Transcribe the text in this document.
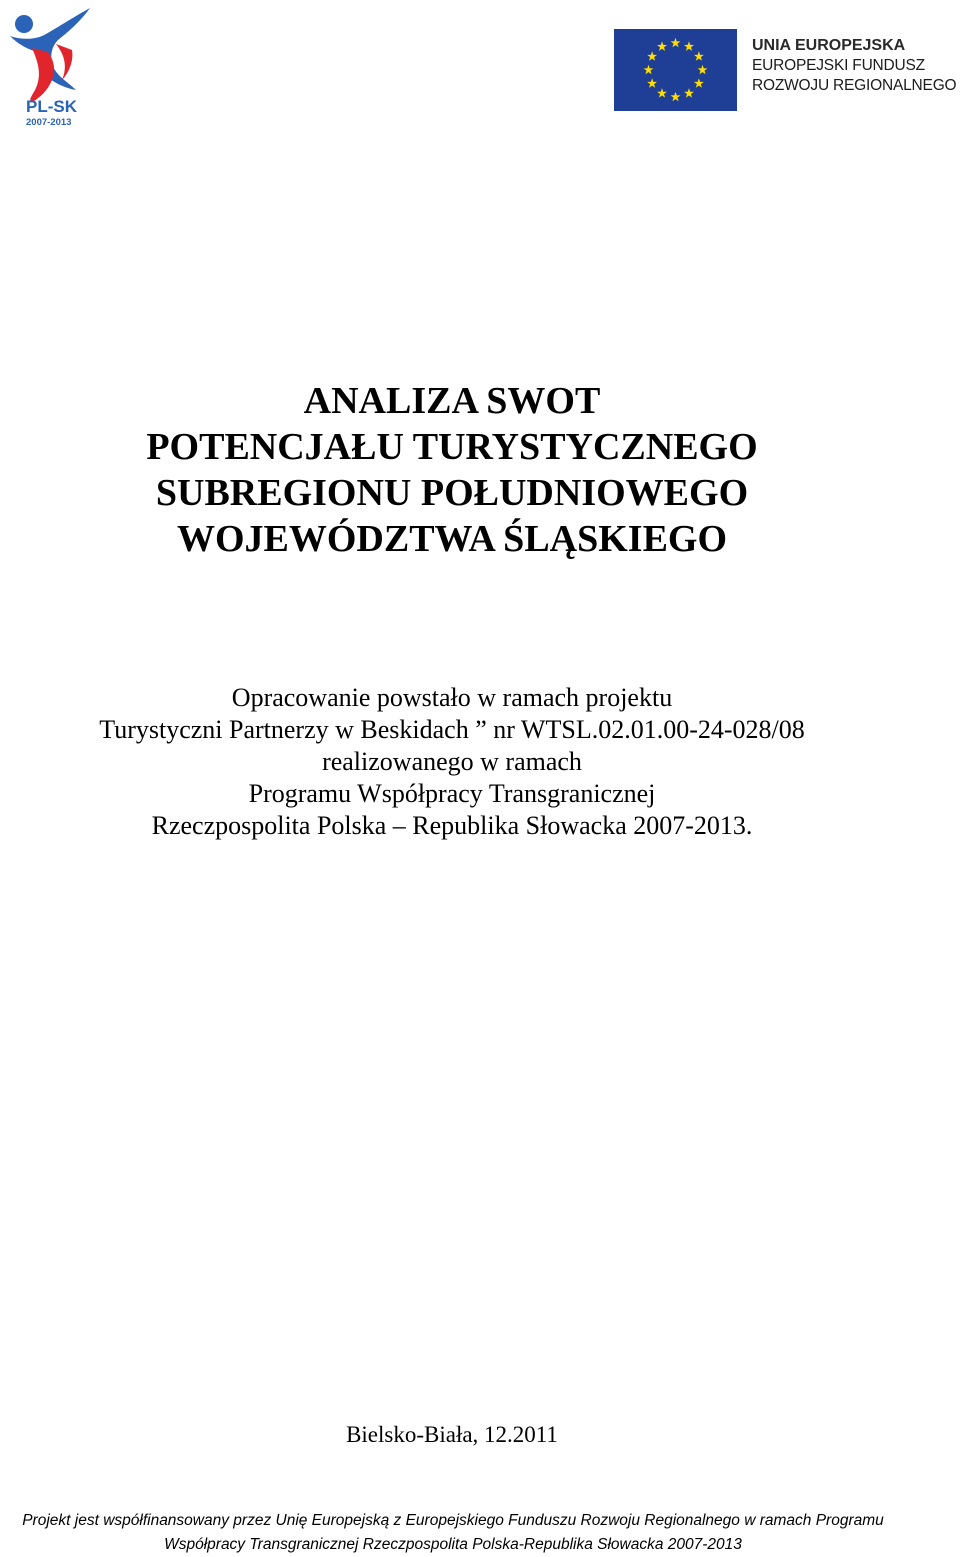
PL-SK
2007-2013
UNIA EUROPEJSKA
EUROPEJSKI FUNDUSZ
ROZWOJU REGIONALNEGO
ANALIZA SWOT
POTENCJAŁU TURYSTYCZNEGO
SUBREGIONU POŁUDNIOWEGO
WOJEWÓDZTWA ŚLĄSKIEGO
Opracowanie powstało w ramach projektu
Turystyczni Partnerzy w Beskidach ” nr WTSL.02.01.00-24-028/08
realizowanego w ramach
Programu Współpracy Transgranicznej
Rzeczpospolita Polska – Republika Słowacka 2007-2013.
Bielsko-Biała, 12.2011
Projekt jest współfinansowany przez Unię Europejską z Europejskiego Funduszu Rozwoju Regionalnego w ramach Programu
Współpracy Transgranicznej Rzeczpospolita Polska-Republika Słowacka 2007-2013
